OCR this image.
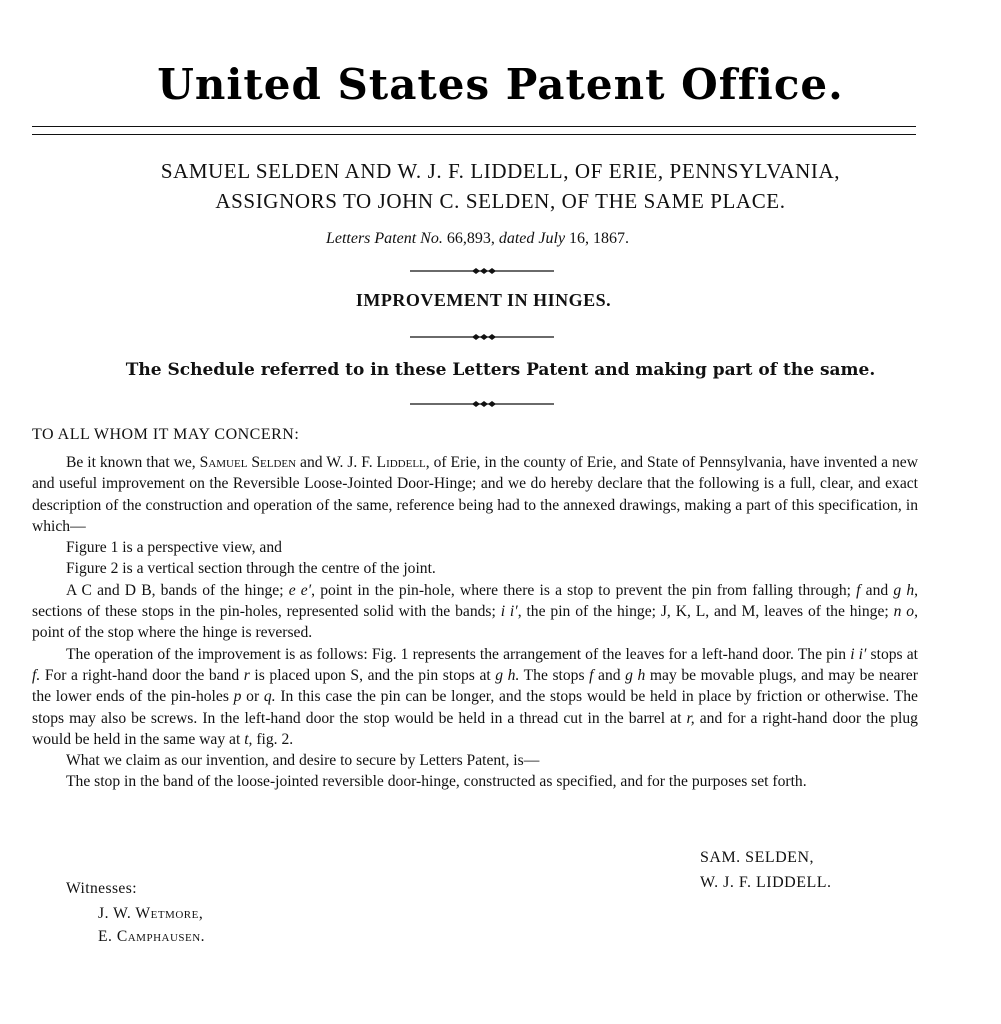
United States Patent Office.
SAMUEL SELDEN AND W. J. F. LIDDELL, OF ERIE, PENNSYLVANIA,
ASSIGNORS TO JOHN C. SELDEN, OF THE SAME PLACE.
Letters Patent No. 66,893, dated July 16, 1867.
IMPROVEMENT IN HINGES.
The Schedule referred to in these Letters Patent and making part of the same.
TO ALL WHOM IT MAY CONCERN:

Be it known that we, Samuel Selden and W. J. F. Liddell, of Erie, in the county of Erie, and State of Pennsylvania, have invented a new and useful improvement on the Reversible Loose-Jointed Door-Hinge; and we do hereby declare that the following is a full, clear, and exact description of the construction and operation of the same, reference being had to the annexed drawings, making a part of this specification, in which—

Figure 1 is a perspective view, and

Figure 2 is a vertical section through the centre of the joint.

A C and D B, bands of the hinge; e e′, point in the pin-hole, where there is a stop to prevent the pin from falling through; f and g h, sections of these stops in the pin-holes, represented solid with the bands; i i′, the pin of the hinge; J, K, L, and M, leaves of the hinge; n o, point of the stop where the hinge is reversed.

The operation of the improvement is as follows: Fig. 1 represents the arrangement of the leaves for a left-hand door. The pin i i′ stops at f. For a right-hand door the band r is placed upon S, and the pin stops at g h. The stops f and g h may be movable plugs, and may be nearer the lower ends of the pin-holes p or q. In this case the pin can be longer, and the stops would be held in place by friction or otherwise. The stops may also be screws. In the left-hand door the stop would be held in a thread cut in the barrel at r, and for a right-hand door the plug would be held in the same way at t, fig. 2.

What we claim as our invention, and desire to secure by Letters Patent, is—

The stop in the band of the loose-jointed reversible door-hinge, constructed as specified, and for the purposes set forth.

SAM. SELDEN,
W. J. F. LIDDELL.
Witnesses:
J. W. Wetmore,
E. Camphausen.
